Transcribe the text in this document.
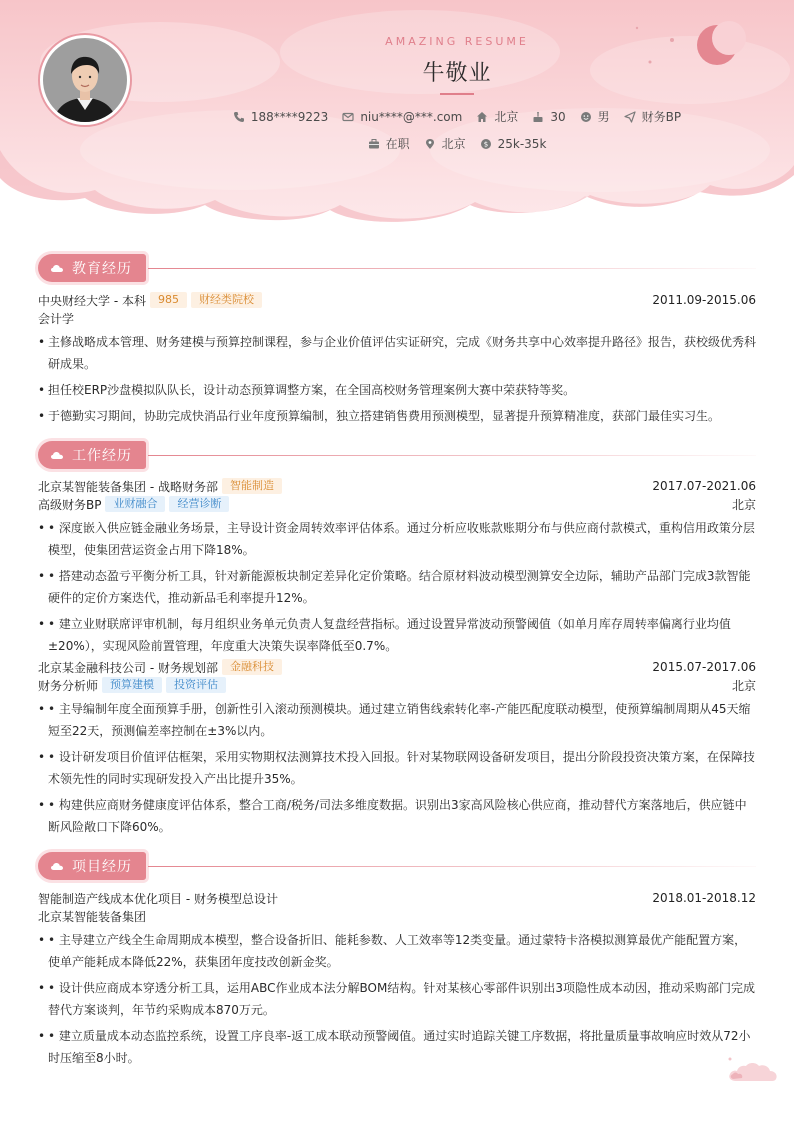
AMAZING RESUME
牛敬业
188****9223	niu****@***.com	北京	30	男	财务BP
在职	北京	$ 25k-35k
教育经历
中央财经大学 - 本科	985	财经类院校	2011.09-2015.06
会计学
• 主修战略成本管理、财务建模与预算控制课程，参与企业价值评估实证研究，完成《财务共享中心效率提升路径》报告，获校级优秀科研成果。
• 担任校ERP沙盘模拟队队长，设计动态预算调整方案，在全国高校财务管理案例大赛中荣获特等奖。
• 于德勤实习期间，协助完成快消品行业年度预算编制，独立搭建销售费用预测模型，显著提升预算精准度，获部门最佳实习生。
工作经历
北京某智能装备集团 - 战略财务部	智能制造	2017.07-2021.06
高级财务BP	业财融合	经营诊断	北京
• • 深度嵌入供应链金融业务场景，主导设计资金周转效率评估体系。通过分析应收账款账期分布与供应商付款模式，重构信用政策分层模型，使集团营运资金占用下降18%。
• • 搭建动态盈亏平衡分析工具，针对新能源板块制定差异化定价策略。结合原材料波动模型测算安全边际，辅助产品部门完成3款智能硬件的定价方案迭代，推动新品毛利率提升12%。
• • 建立业财联席评审机制，每月组织业务单元负责人复盘经营指标。通过设置异常波动预警阈值（如单月库存周转率偏离行业均值±20%），实现风险前置管理，年度重大决策失误率降低至0.7%。
北京某金融科技公司 - 财务规划部	金融科技	2015.07-2017.06
财务分析师	预算建模	投资评估	北京
• • 主导编制年度全面预算手册，创新性引入滚动预测模块。通过建立销售线索转化率-产能匹配度联动模型，使预算编制周期从45天缩短至22天，预测偏差率控制在±3%以内。
• • 设计研发项目价值评估框架，采用实物期权法测算技术投入回报。针对某物联网设备研发项目，提出分阶段投资决策方案，在保障技术领先性的同时实现研发投入产出比提升35%。
• • 构建供应商财务健康度评估体系，整合工商/税务/司法多维度数据。识别出3家高风险核心供应商，推动替代方案落地后，供应链中断风险敞口下降60%。
项目经历
智能制造产线成本优化项目 - 财务模型总设计	2018.01-2018.12
北京某智能装备集团
• • 主导建立产线全生命周期成本模型，整合设备折旧、能耗参数、人工效率等12类变量。通过蒙特卡洛模拟测算最优产能配置方案，使单产能耗成本降低22%，获集团年度技改创新金奖。
• • 设计供应商成本穿透分析工具，运用ABC作业成本法分解BOM结构。针对某核心零部件识别出3项隐性成本动因，推动采购部门完成替代方案谈判，年节约采购成本870万元。
• • 建立质量成本动态监控系统，设置工序良率-返工成本联动预警阈值。通过实时追踪关键工序数据，将批量质量事故响应时效从72小时压缩至8小时。
